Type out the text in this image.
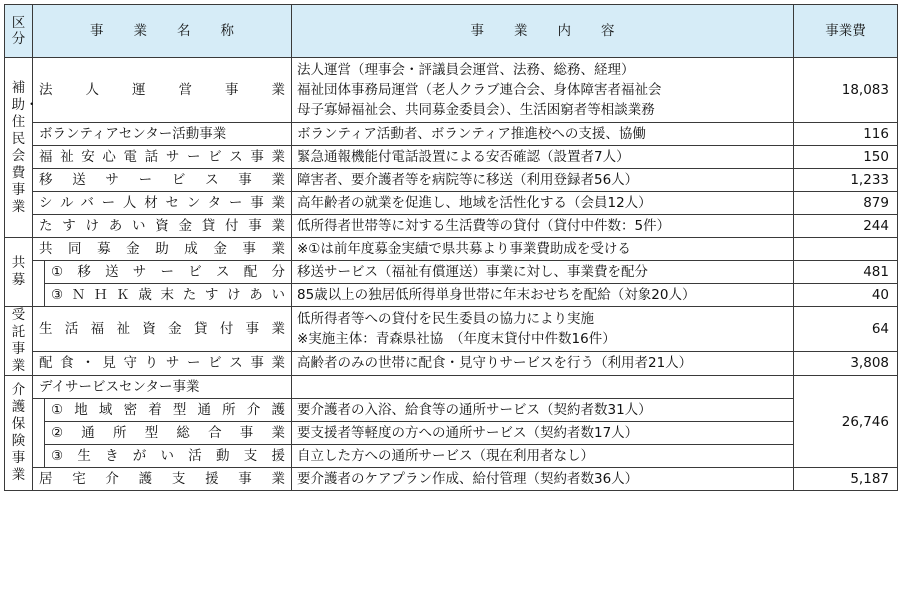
区分	事業名称		事業内容	事業費

補助・住民会費事業	法人運営事業		法人運営（理事会・評議員会運営、法務、総務、経理）
福祉団体事務局運営（老人クラブ連合会、身体障害者福祉会
母子寡婦福祉会、共同募金委員会）、生活困窮者等相談業務	18,083
	ボランティアセンター活動事業		ボランティア活動者、ボランティア推進校への支援、協働	116
	福祉安心電話サービス事業		緊急通報機能付電話設置による安否確認（設置者7人）	150
	移送サービス事業		障害者、要介護者等を病院等に移送（利用登録者56人）	1,233
	シルバー人材センター事業		高年齢者の就業を促進し、地域を活性化する（会員12人）	879
	たすけあい資金貸付事業		低所得者世帯等に対する生活費等の貸付（貸付中件数：5件）	244

共募	共同募金助成金事業		※①は前年度募金実績で県共募より事業費助成を受ける	
		①移送サービス配分	移送サービス（福祉有償運送）事業に対し、事業費を配分	481
		③ＮＨＫ歳末たすけあい	85歳以上の独居低所得単身世帯に年末おせちを配給（対象20人）	40

受託事業	生活福祉資金貸付事業		低所得者等への貸付を民生委員の協力により実施
※実施主体：青森県社協　（年度末貸付中件数16件）	64
	配食・見守りサービス事業		高齢者のみの世帯に配食・見守りサービスを行う（利用者21人）	3,808

介護保険事業	デイサービスセンター事業			26,746
		①地域密着型通所介護	要介護者の入浴、給食等の通所サービス（契約者数31人）	
		②通所型総合事業	要支援者等軽度の方への通所サービス（契約者数17人）	
		③生きがい活動支援	自立した方への通所サービス（現在利用者なし）	
	居宅介護支援事業		要介護者のケアプラン作成、給付管理（契約者数36人）	5,187
